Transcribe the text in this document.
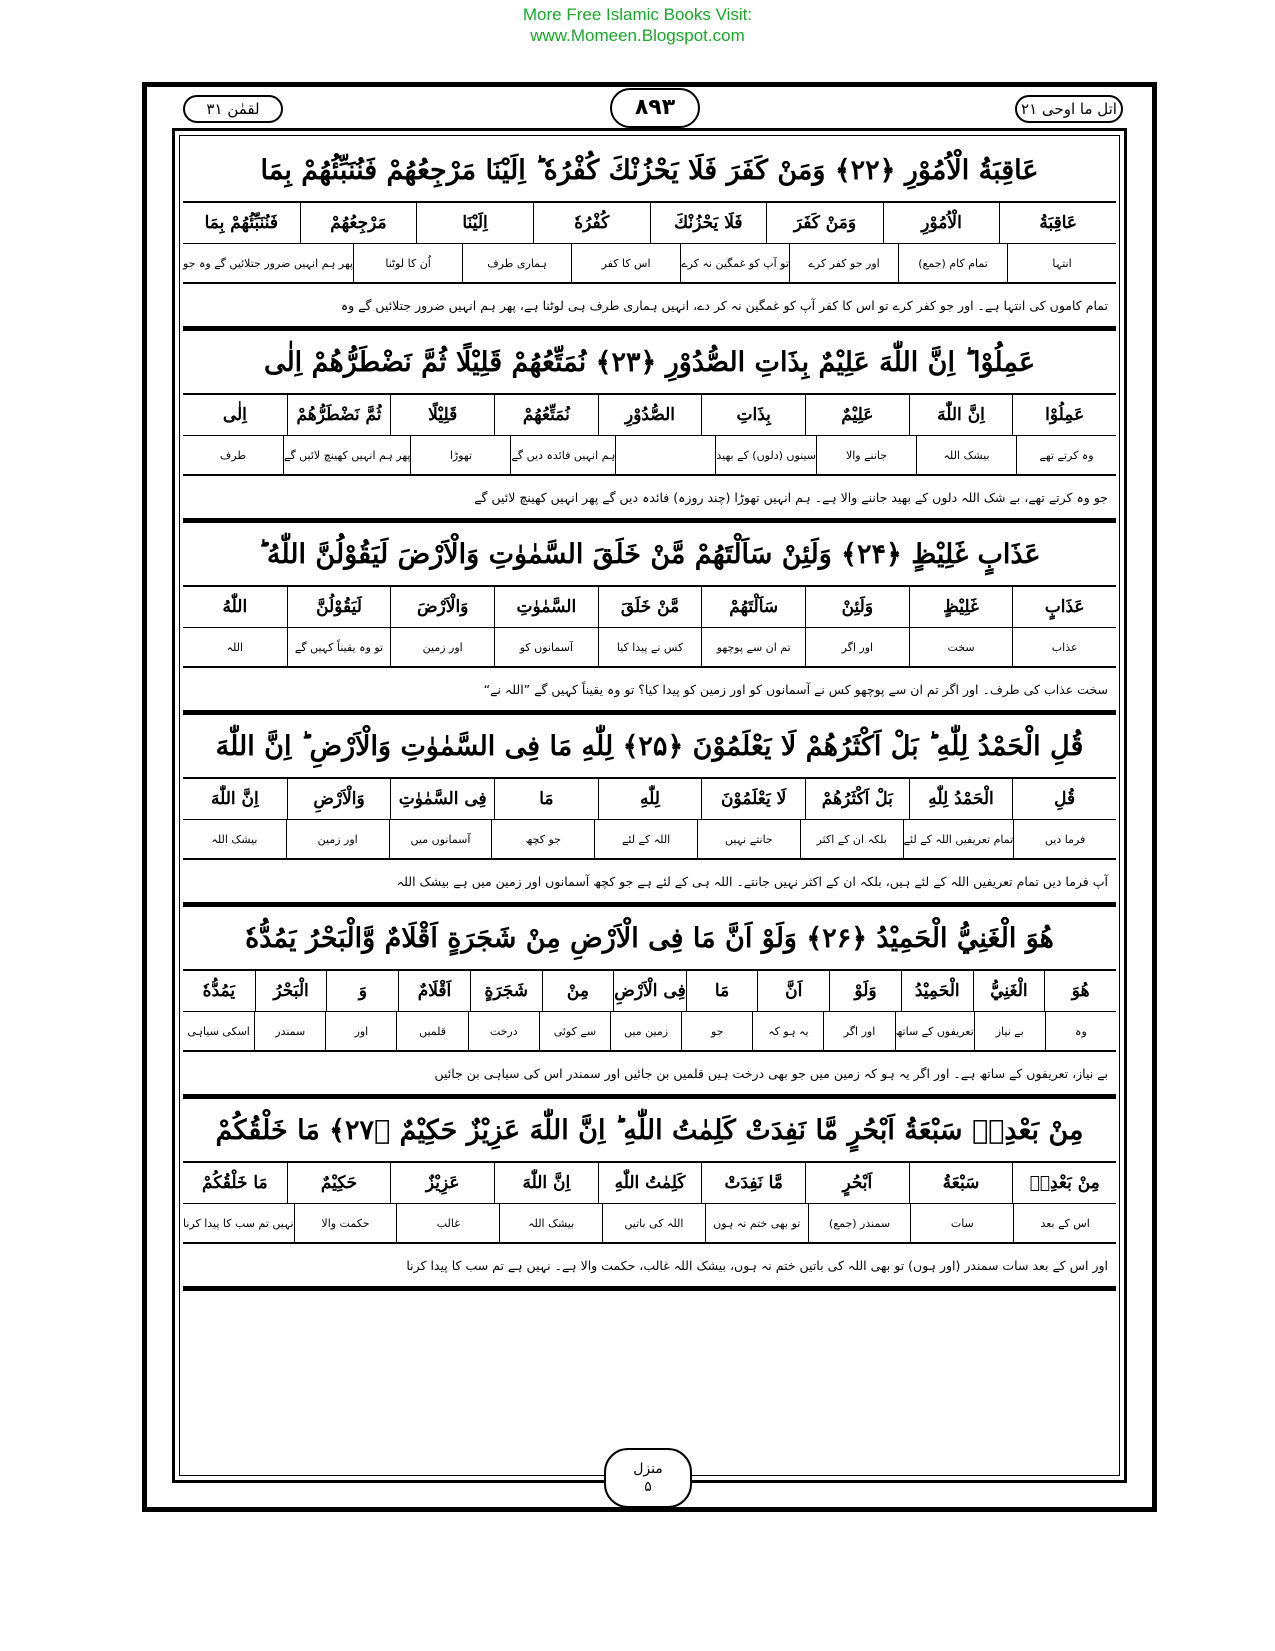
More Free Islamic Books Visit:
www.Momeen.Blogspot.com
اتل ما اوحی ۲۱
۸۹۳
لقمٰن ۳۱
عَاقِبَةُ الْاُمُوْرِ ﴿۲۲﴾ وَمَنْ كَفَرَ فَلَا يَحْزُنْكَ كُفْرُهٗ ؕ اِلَيْنَا مَرْجِعُهُمْ فَنُنَبِّئُهُمْ بِمَا
عَاقِبَةُ
الْاُمُوْرِ
وَمَنْ كَفَرَ
فَلَا يَحْزُنْكَ
كُفْرُهٗ
اِلَيْنَا
مَرْجِعُهُمْ
فَنُنَبِّئُهُمْ بِمَا
انتہا
تمام کام (جمع)
اور جو کفر کرے
تو آپ کو غمگین نہ کرے
اس کا کفر
ہماری طرف
اُن کا لوٹنا
پھر ہم انہیں ضرور جتلائیں گے وہ جو
تمام کاموں کی انتہا ہے۔ اور جو کفر کرے تو اس کا کفر آپ کو غمگین نہ کر دے، انہیں ہماری طرف ہی لوٹنا ہے، پھر ہم انہیں ضرور جتلائیں گے وہ
عَمِلُوْا ؕ اِنَّ اللّٰهَ عَلِيْمٌ بِذَاتِ الصُّدُوْرِ ﴿۲۳﴾ نُمَتِّعُهُمْ قَلِيْلًا ثُمَّ نَضْطَرُّهُمْ اِلٰى
عَمِلُوْا
اِنَّ اللّٰهَ
عَلِيْمٌ
بِذَاتِ
الصُّدُوْرِ
نُمَتِّعُهُمْ
قَلِيْلًا
ثُمَّ نَضْطَرُّهُمْ
اِلٰى
وہ کرتے تھے
بیشک اللہ
جاننے والا
سینوں (دلوں) کے بھید
ہم انہیں فائدہ دیں گے
تھوڑا
پھر ہم انہیں کھینچ لائیں گے
طرف
جو وہ کرتے تھے، بے شک اللہ دلوں کے بھید جاننے والا ہے۔ ہم انہیں تھوڑا (چند روزہ) فائدہ دیں گے پھر انہیں کھینچ لائیں گے
عَذَابٍ غَلِيْظٍ ﴿۲۴﴾ وَلَئِنْ سَاَلْتَهُمْ مَّنْ خَلَقَ السَّمٰوٰتِ وَالْاَرْضَ لَيَقُوْلُنَّ اللّٰهُ ؕ
عَذَابٍ
غَلِيْظٍ
وَلَئِنْ
سَاَلْتَهُمْ
مَّنْ خَلَقَ
السَّمٰوٰتِ
وَالْاَرْضَ
لَيَقُوْلُنَّ
اللّٰهُ
عذاب
سخت
اور اگر
تم ان سے پوچھو
کس نے پیدا کیا
آسمانوں کو
اور زمین
تو وہ یقیناً کہیں گے
اللہ
سخت عذاب کی طرف۔ اور اگر تم ان سے پوچھو کس نے آسمانوں کو اور زمین کو پیدا کیا؟ تو وہ یقیناً کہیں گے ”اللہ نے“
قُلِ الْحَمْدُ لِلّٰهِ ؕ بَلْ اَكْثَرُهُمْ لَا يَعْلَمُوْنَ ﴿۲۵﴾ لِلّٰهِ مَا فِى السَّمٰوٰتِ وَالْاَرْضِ ؕ اِنَّ اللّٰهَ
قُلِ
الْحَمْدُ لِلّٰهِ
بَلْ اَكْثَرُهُمْ
لَا يَعْلَمُوْنَ
لِلّٰهِ
مَا
فِى السَّمٰوٰتِ
وَالْاَرْضِ
اِنَّ اللّٰهَ
فرما دیں
تمام تعریفیں اللہ کے لئے
بلکہ ان کے اکثر
جانتے نہیں
اللہ کے لئے
جو کچھ
آسمانوں میں
اور زمین
بیشک اللہ
آپ فرما دیں تمام تعریفیں اللہ کے لئے ہیں، بلکہ ان کے اکثر نہیں جانتے۔ اللہ ہی کے لئے ہے جو کچھ آسمانوں اور زمین میں ہے بیشک اللہ
هُوَ الْغَنِيُّ الْحَمِيْدُ ﴿۲۶﴾ وَلَوْ اَنَّ مَا فِى الْاَرْضِ مِنْ شَجَرَةٍ اَقْلَامٌ وَّالْبَحْرُ يَمُدُّهٗ
هُوَ
الْغَنِيُّ
الْحَمِيْدُ
وَلَوْ
اَنَّ
مَا
فِى الْاَرْضِ
مِنْ
شَجَرَةٍ
اَقْلَامٌ
وَ
الْبَحْرُ
يَمُدُّهٗ
وہ
بے نیاز
تعریفوں کے ساتھ
اور اگر
یہ ہو کہ
جو
زمین میں
سے کوئی
درخت
قلمیں
اور
سمندر
اسکی سیاہی
بے نیاز، تعریفوں کے ساتھ ہے۔ اور اگر یہ ہو کہ زمین میں جو بھی درخت ہیں قلمیں بن جائیں اور سمندر اس کی سیاہی بن جائیں
مِنْ بَعْدِهٖ سَبْعَةُ اَبْحُرٍ مَّا نَفِدَتْ كَلِمٰتُ اللّٰهِ ؕ اِنَّ اللّٰهَ عَزِيْزٌ حَكِيْمٌ ﴿۲۷﴾ مَا خَلْقُكُمْ
مِنْ بَعْدِهٖ
سَبْعَةُ
اَبْحُرٍ
مَّا نَفِدَتْ
كَلِمٰتُ اللّٰهِ
اِنَّ اللّٰهَ
عَزِيْزٌ
حَكِيْمٌ
مَا خَلْقُكُمْ
اس کے بعد
سات
سمندر (جمع)
تو بھی ختم نہ ہوں
اللہ کی باتیں
بیشک اللہ
غالب
حکمت والا
نہیں تم سب کا پیدا کرنا
اور اس کے بعد سات سمندر (اور ہوں) تو بھی اللہ کی باتیں ختم نہ ہوں، بیشک اللہ غالب، حکمت والا ہے۔ نہیں ہے تم سب کا پیدا کرنا
منزل
۵
